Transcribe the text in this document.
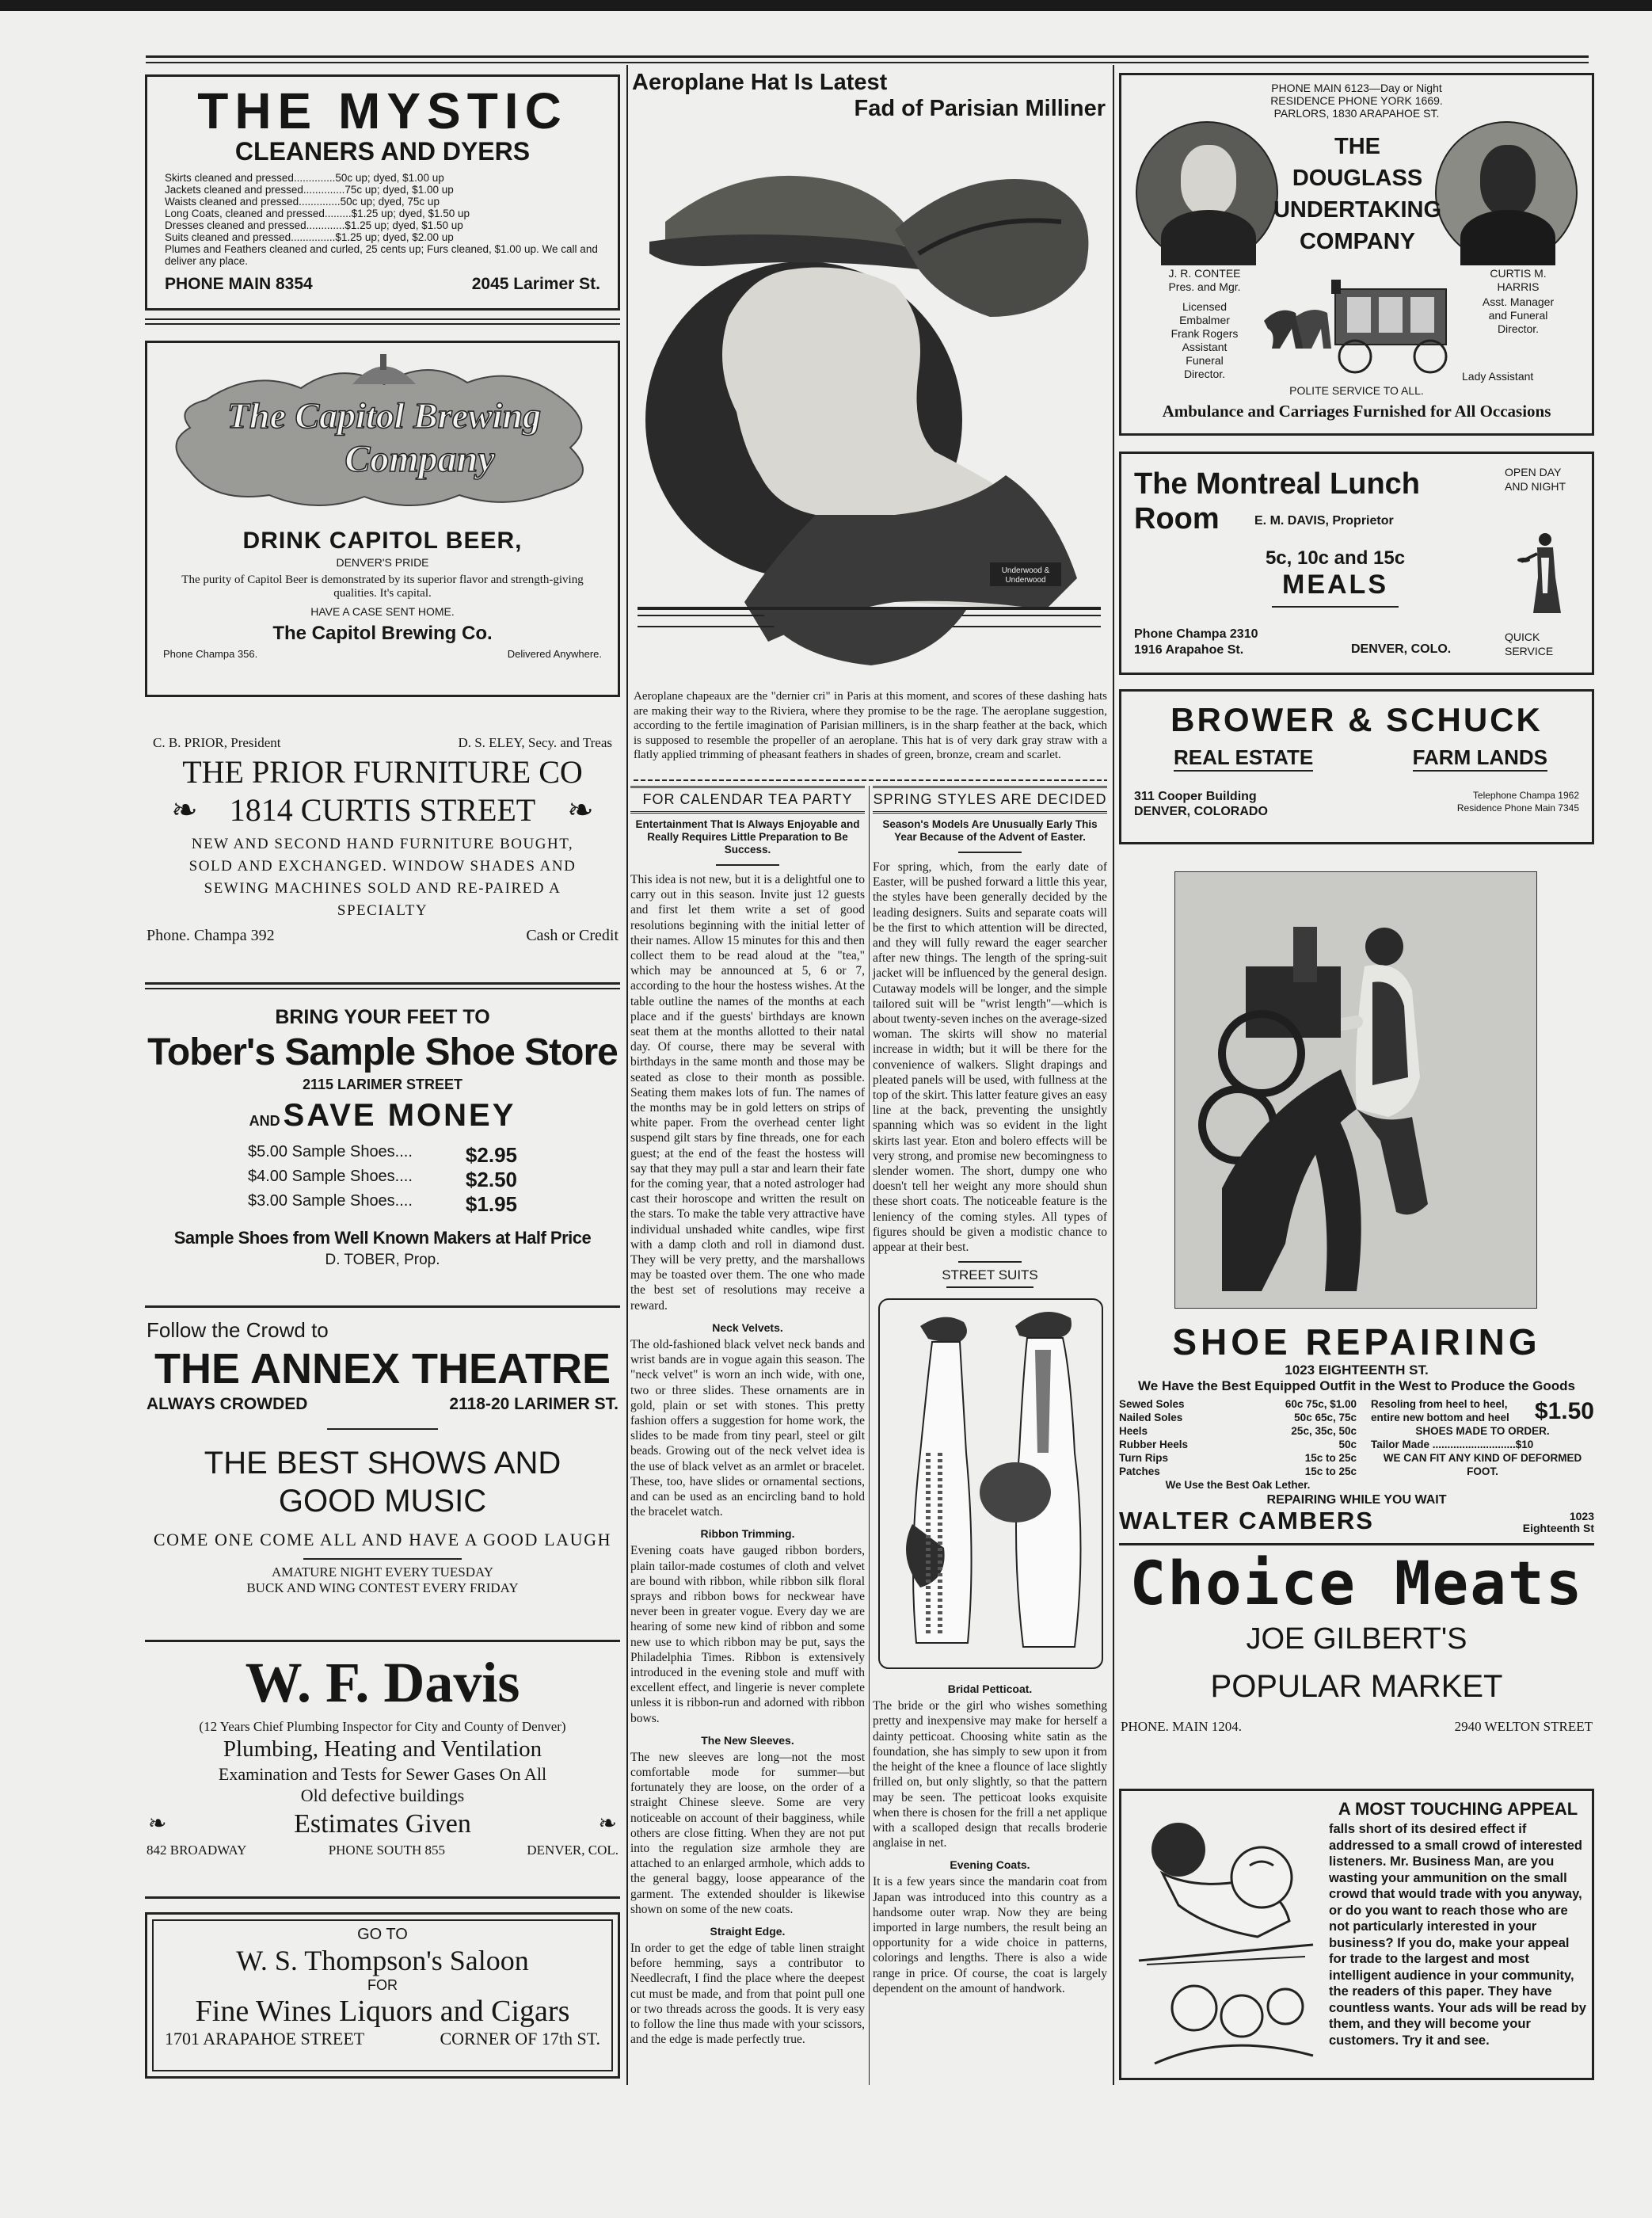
THE MYSTIC
CLEANERS AND DYERS
Skirts cleaned and pressed..............50c up; dyed, $1.00 up
Jackets cleaned and pressed..............75c up; dyed, $1.00 up
Waists cleaned and pressed..............50c up; dyed, 75c up
Long Coats, cleaned and pressed.........$1.25 up; dyed, $1.50 up
Dresses cleaned and pressed.............$1.25 up; dyed, $1.50 up
Suits cleaned and pressed...............$1.25 up; dyed, $2.00 up
Plumes and Feathers cleaned and curled, 25 cents up; Furs cleaned, $1.00 up. We call and deliver any place.
PHONE MAIN 8354	2045 Larimer St.
The Capitol Brewing
Company
DRINK CAPITOL BEER,
DENVER'S PRIDE
The purity of Capitol Beer is demonstrated by its superior flavor and strength-giving qualities. It's capital.
HAVE A CASE SENT HOME.
The Capitol Brewing Co.
Phone Champa 356.	Delivered Anywhere.
C. B. PRIOR, President	D. S. ELEY, Secy. and Treas
THE PRIOR FURNITURE CO
❧ 1814 CURTIS STREET ❧
NEW AND SECOND HAND FURNITURE BOUGHT, SOLD AND EXCHANGED. WINDOW SHADES AND SEWING MACHINES SOLD AND RE-PAIRED A SPECIALTY
Phone. Champa 392	Cash or Credit
BRING YOUR FEET TO
Tober's Sample Shoe Store
2115 LARIMER STREET
AND SAVE MONEY
$5.00 Sample Shoes....	$2.95
$4.00 Sample Shoes....	$2.50
$3.00 Sample Shoes....	$1.95
Sample Shoes from Well Known Makers at Half Price
D. TOBER, Prop.
Follow the Crowd to
THE ANNEX THEATRE
ALWAYS CROWDED	2118-20 LARIMER ST.
THE BEST SHOWS AND
GOOD MUSIC
COME ONE COME ALL AND HAVE A GOOD LAUGH
AMATURE NIGHT EVERY TUESDAY
BUCK AND WING CONTEST EVERY FRIDAY
W. F. Davis
(12 Years Chief Plumbing Inspector for City and County of Denver)
Plumbing, Heating and Ventilation
Examination and Tests for Sewer Gases On All Old defective buildings
❧	Estimates Given	❧
842 BROADWAY	PHONE SOUTH 855	DENVER, COL.
GO TO
W. S. Thompson's Saloon
FOR
Fine Wines Liquors and Cigars
1701 ARAPAHOE STREET	CORNER OF 17th ST.
Aeroplane Hat Is Latest
Fad of Parisian Milliner
Underwood &
Underwood
Aeroplane chapeaux are the "dernier cri" in Paris at this moment, and scores of these dashing hats are making their way to the Riviera, where they promise to be the rage. The aeroplane suggestion, according to the fertile imagination of Parisian milliners, is in the sharp feather at the back, which is supposed to resemble the propeller of an aeroplane. This hat is of very dark gray straw with a flatly applied trimming of pheasant feathers in shades of green, bronze, cream and scarlet.
FOR CALENDAR TEA PARTY
Entertainment That Is Always Enjoyable and Really Requires Little Preparation to Be Success.
This idea is not new, but it is a delightful one to carry out in this season. Invite just 12 guests and first let them write a set of good resolutions beginning with the initial letter of their names. Allow 15 minutes for this and then collect them to be read aloud at the "tea," which may be announced at 5, 6 or 7, according to the hour the hostess wishes. At the table outline the names of the months at each place and if the guests' birthdays are known seat them at the months allotted to their natal day. Of course, there may be several with birthdays in the same month and those may be seated as close to their month as possible. Seating them makes lots of fun. The names of the months may be in gold letters on strips of white paper. From the overhead center light suspend gilt stars by fine threads, one for each guest; at the end of the feast the hostess will say that they may pull a star and learn their fate for the coming year, that a noted astrologer had cast their horoscope and written the result on the stars. To make the table very attractive have individual unshaded white candles, wipe first with a damp cloth and roll in diamond dust. They will be very pretty, and the marshallows may be toasted over them. The one who made the best set of resolutions may receive a reward.
Neck Velvets.
The old-fashioned black velvet neck bands and wrist bands are in vogue again this season. The "neck velvet" is worn an inch wide, with one, two or three slides. These ornaments are in gold, plain or set with stones. This pretty fashion offers a suggestion for home work, the slides to be made from tiny pearl, steel or gilt beads. Growing out of the neck velvet idea is the use of black velvet as an armlet or bracelet. These, too, have slides or ornamental sections, and can be used as an encircling band to hold the bracelet watch.
Ribbon Trimming.
Evening coats have gauged ribbon borders, plain tailor-made costumes of cloth and velvet are bound with ribbon, while ribbon silk floral sprays and ribbon bows for neckwear have never been in greater vogue. Every day we are hearing of some new kind of ribbon and some new use to which ribbon may be put, says the Philadelphia Times. Ribbon is extensively introduced in the evening stole and muff with excellent effect, and lingerie is never complete unless it is ribbon-run and adorned with ribbon bows.
The New Sleeves.
The new sleeves are long—not the most comfortable mode for summer—but fortunately they are loose, on the order of a straight Chinese sleeve. Some are very noticeable on account of their bagginess, while others are close fitting. When they are not put into the regulation size armhole they are attached to an enlarged armhole, which adds to the general baggy, loose appearance of the garment. The extended shoulder is likewise shown on some of the new coats.
Straight Edge.
In order to get the edge of table linen straight before hemming, says a contributor to Needlecraft, I find the place where the deepest cut must be made, and from that point pull one or two threads across the goods. It is very easy to follow the line thus made with your scissors, and the edge is made perfectly true.
SPRING STYLES ARE DECIDED
Season's Models Are Unusually Early This Year Because of the Advent of Easter.
For spring, which, from the early date of Easter, will be pushed forward a little this year, the styles have been generally decided by the leading designers. Suits and separate coats will be the first to which attention will be directed, and they will fully reward the eager searcher after new things. The length of the spring-suit jacket will be influenced by the general design. Cutaway models will be longer, and the simple tailored suit will be "wrist length"—which is about twenty-seven inches on the average-sized woman. The skirts will show no material increase in width; but it will be there for the convenience of walkers. Slight drapings and pleated panels will be used, with fullness at the top of the skirt. This latter feature gives an easy line at the back, preventing the unsightly spanning which was so evident in the light skirts last year. Eton and bolero effects will be very strong, and promise new becomingness to slender women. The short, dumpy one who doesn't tell her weight any more should shun these short coats. The noticeable feature is the leniency of the coming styles. All types of figures should be given a modistic chance to appear at their best.
STREET SUITS
Bridal Petticoat.
The bride or the girl who wishes something pretty and inexpensive may make for herself a dainty petticoat. Choosing white satin as the foundation, she has simply to sew upon it from the height of the knee a flounce of lace slightly frilled on, but only slightly, so that the pattern may be seen. The petticoat looks exquisite when there is chosen for the frill a net applique with a scalloped design that recalls broderie anglaise in net.
Evening Coats.
It is a few years since the mandarin coat from Japan was introduced into this country as a handsome outer wrap. Now they are being imported in large numbers, the result being an opportunity for a wide choice in patterns, colorings and lengths. There is also a wide range in price. Of course, the coat is largely dependent on the amount of handwork.
PHONE MAIN 6123—Day or Night
RESIDENCE PHONE YORK 1669.
PARLORS, 1830 ARAPAHOE ST.
THE DOUGLASS
UNDERTAKING
COMPANY
J. R. CONTEE
Pres. and Mgr.
Licensed
Embalmer
Frank Rogers
Assistant
Funeral
Director.
CURTIS M.
HARRIS
Asst. Manager
and Funeral
Director.
Lady Assistant
POLITE SERVICE TO ALL.
Ambulance and Carriages Furnished for All Occasions
The Montreal Lunch
Room
OPEN DAY AND NIGHT
E. M. DAVIS, Proprietor
5c, 10c and 15c
MEALS
Phone Champa 2310
1916 Arapahoe St.	DENVER, COLO.
QUICK SERVICE
BROWER & SCHUCK
REAL ESTATE	FARM LANDS
311 Cooper Building
DENVER, COLORADO
Telephone Champa 1962
Residence Phone Main 7345
SHOE REPAIRING
1023 EIGHTEENTH ST.
We Have the Best Equipped Outfit in the West to Produce the Goods
Sewed Soles	60c 75c, $1.00
Nailed Soles	50c 65c, 75c
Heels	25c, 35c, 50c
Rubber Heels	50c
Turn Rips	15c to 25c
Patches	15c to 25c
We Use the Best Oak Lether.
Resoling from heel to heel, entire new bottom and heel	$1.50
SHOES MADE TO ORDER.
Tailor Made ............................$10
WE CAN FIT ANY KIND OF DEFORMED FOOT.
REPAIRING WHILE YOU WAIT
WALTER CAMBERS	1023
Eighteenth St
Choice Meats
JOE GILBERT'S
POPULAR MARKET
PHONE. MAIN 1204.	2940 WELTON STREET
A MOST TOUCHING APPEAL
falls short of its desired effect if addressed to a small crowd of interested listeners. Mr. Business Man, are you wasting your ammunition on the small crowd that would trade with you anyway, or do you want to reach those who are not particularly interested in your business? If you do, make your appeal for trade to the largest and most intelligent audience in your community, the readers of this paper. They have countless wants. Your ads will be read by them, and they will become your customers. Try it and see.
